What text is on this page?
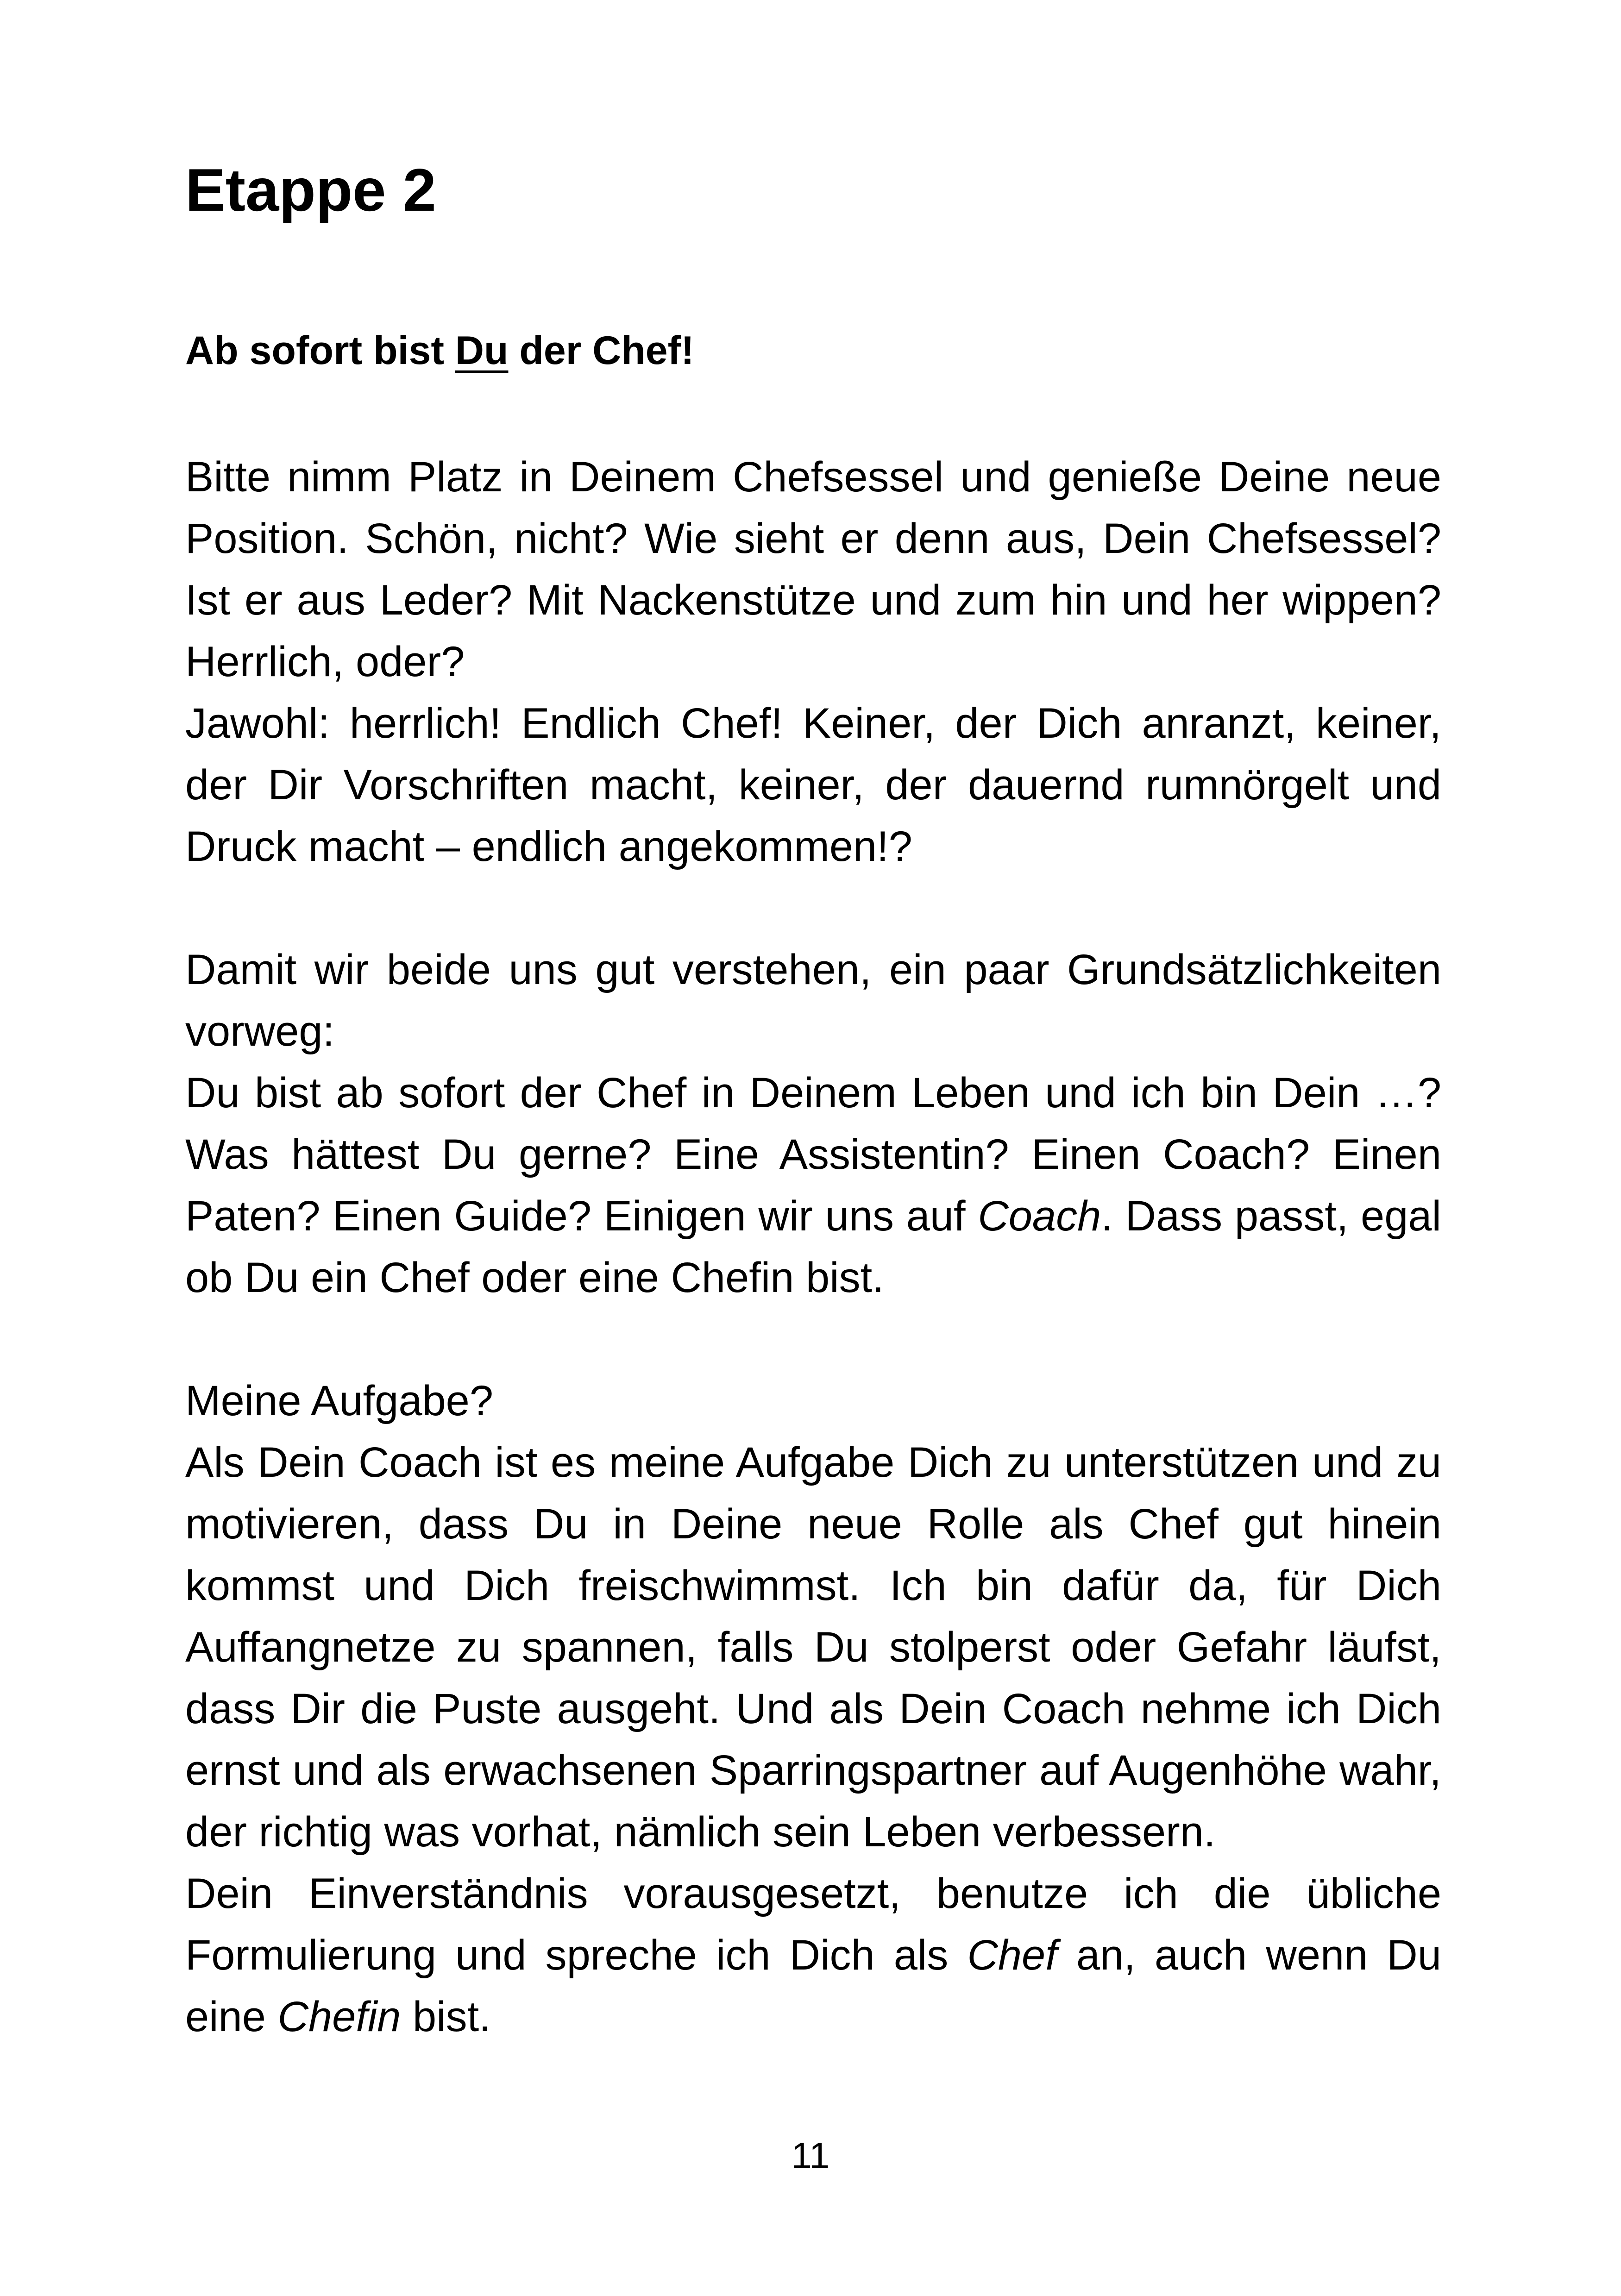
Etappe 2

Ab sofort bist Du der Chef!

Bitte nimm Platz in Deinem Chefsessel und genieße Deine neue Position. Schön, nicht? Wie sieht er denn aus, Dein Chefsessel? Ist er aus Leder? Mit Nackenstütze und zum hin und her wippen? Herrlich, oder?

Jawohl: herrlich! Endlich Chef! Keiner, der Dich anranzt, keiner, der Dir Vorschriften macht, keiner, der dauernd rumnörgelt und Druck macht – endlich angekommen!?

Damit wir beide uns gut verstehen, ein paar Grundsätzlichkeiten vorweg:

Du bist ab sofort der Chef in Deinem Leben und ich bin Dein …? Was hättest Du gerne? Eine Assistentin? Einen Coach? Einen Paten? Einen Guide? Einigen wir uns auf Coach. Dass passt, egal ob Du ein Chef oder eine Chefin bist.

Meine Aufgabe?

Als Dein Coach ist es meine Aufgabe Dich zu unterstützen und zu motivieren, dass Du in Deine neue Rolle als Chef gut hinein kommst und Dich freischwimmst. Ich bin dafür da, für Dich Auffangnetze zu spannen, falls Du stolperst oder Gefahr läufst, dass Dir die Puste ausgeht. Und als Dein Coach nehme ich Dich ernst und als erwachsenen Sparringspartner auf Augenhöhe wahr, der richtig was vorhat, nämlich sein Leben verbessern.

Dein Einverständnis vorausgesetzt, benutze ich die übliche Formulierung und spreche ich Dich als Chef an, auch wenn Du eine Chefin bist.

11
